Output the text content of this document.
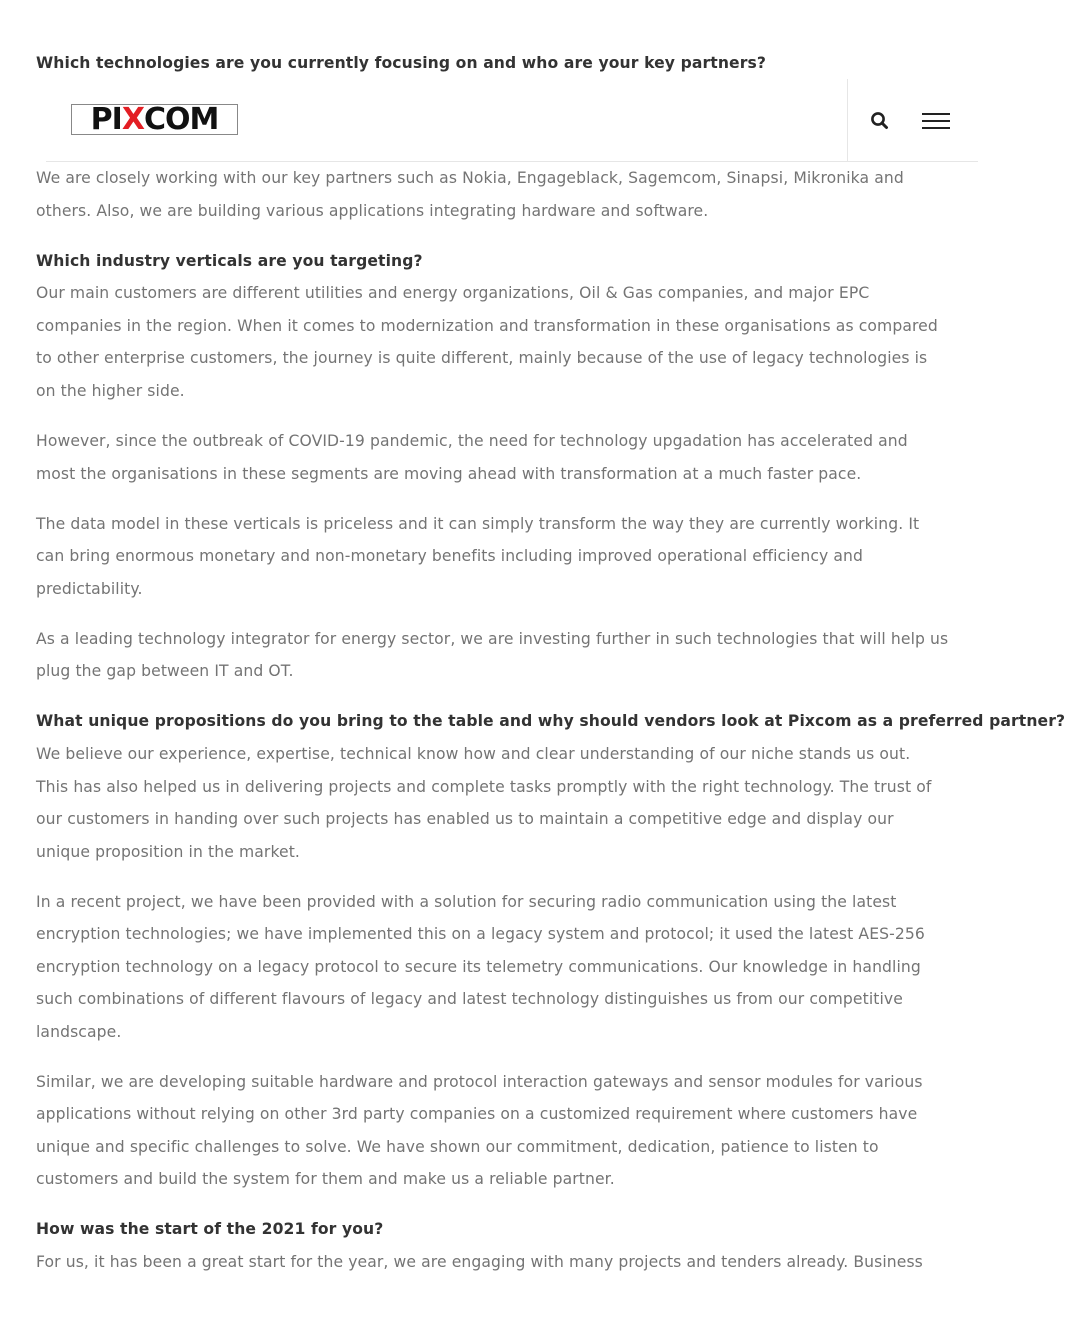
Which technologies are you currently focusing on and who are your key partners?
We are closely working with our key partners such as Nokia, Engageblack, Sagemcom, Sinapsi, Mikronika and
others. Also, we are building various applications integrating hardware and software.
Which industry verticals are you targeting?
Our main customers are different utilities and energy organizations, Oil & Gas companies, and major EPC
companies in the region. When it comes to modernization and transformation in these organisations as compared
to other enterprise customers, the journey is quite different, mainly because of the use of legacy technologies is
on the higher side.
However, since the outbreak of COVID-19 pandemic, the need for technology upgadation has accelerated and
most the organisations in these segments are moving ahead with transformation at a much faster pace.
The data model in these verticals is priceless and it can simply transform the way they are currently working. It
can bring enormous monetary and non-monetary benefits including improved operational efficiency and
predictability.
As a leading technology integrator for energy sector, we are investing further in such technologies that will help us
plug the gap between IT and OT.
What unique propositions do you bring to the table and why should vendors look at Pixcom as a preferred partner?
We believe our experience, expertise, technical know how and clear understanding of our niche stands us out.
This has also helped us in delivering projects and complete tasks promptly with the right technology. The trust of
our customers in handing over such projects has enabled us to maintain a competitive edge and display our
unique proposition in the market.
In a recent project, we have been provided with a solution for securing radio communication using the latest
encryption technologies; we have implemented this on a legacy system and protocol; it used the latest AES-256
encryption technology on a legacy protocol to secure its telemetry communications. Our knowledge in handling
such combinations of different flavours of legacy and latest technology distinguishes us from our competitive
landscape.
Similar, we are developing suitable hardware and protocol interaction gateways and sensor modules for various
applications without relying on other 3rd party companies on a customized requirement where customers have
unique and specific challenges to solve. We have shown our commitment, dedication, patience to listen to
customers and build the system for them and make us a reliable partner.
How was the start of the 2021 for you?
For us, it has been a great start for the year, we are engaging with many projects and tenders already. Business
PI X COM
